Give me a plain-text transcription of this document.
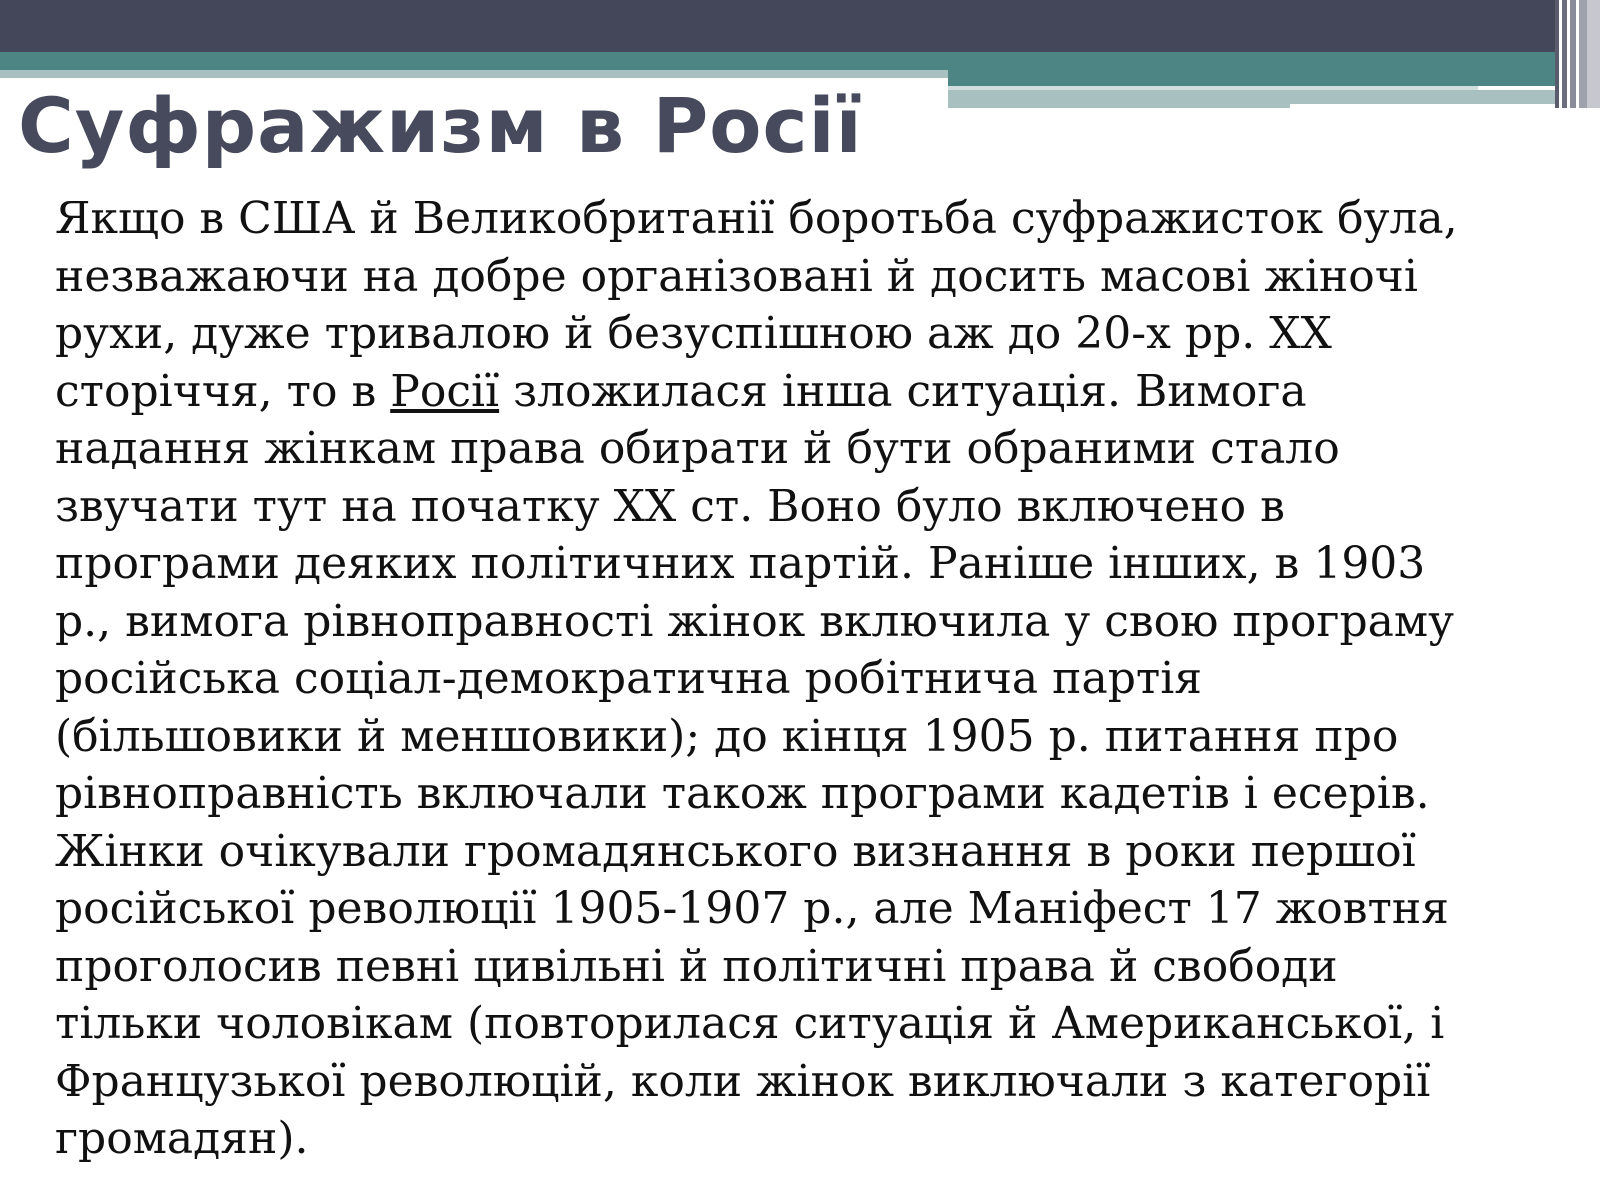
Суфражизм в Росії
Якщо в США й Великобританії боротьба суфражисток була,
незважаючи на добре організовані й досить масові жіночі
рухи, дуже тривалою й безуспішною аж до 20-х рр. XX
сторіччя, то в Росії зложилася інша ситуація. Вимога
надання жінкам права обирати й бути обраними стало
звучати тут на початку XX ст. Воно було включено в
програми деяких політичних партій. Раніше інших, в 1903
р., вимога рівноправності жінок включила у свою програму
російська соціал-демократична робітнича партія
(більшовики й меншовики); до кінця 1905 р. питання про
рівноправність включали також програми кадетів і есерів.
Жінки очікували громадянського визнання в роки першої
російської революції 1905-1907 р., але Маніфест 17 жовтня
проголосив певні цивільні й політичні права й свободи
тільки чоловікам (повторилася ситуація й Американської, і
Французької революцій, коли жінок виключали з категорії
громадян).
